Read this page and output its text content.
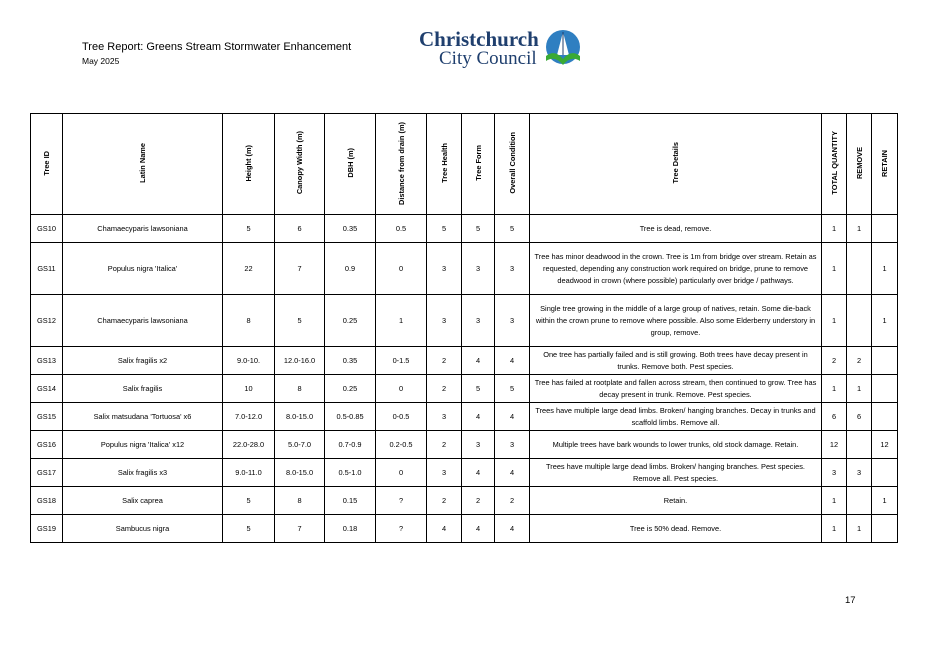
Tree Report: Greens Stream Stormwater Enhancement
May 2025
Christchurch
City Council
Tree ID	Latin Name	Height (m)	Canopy Width (m)	DBH (m)	Distance from drain (m)	Tree Health	Tree Form	Overall Condition	Tree Details	TOTAL QUANTITY	REMOVE	RETAIN
GS10	Chamaecyparis lawsoniana	5	6	0.35	0.5	5	5	5	Tree is dead, remove.	1	1	
GS11	Populus nigra 'Italica'	22	7	0.9	0	3	3	3	Tree has minor deadwood in the crown. Tree is 1m from bridge over stream. Retain as requested, depending any construction work required on bridge, prune to remove deadwood in crown (where possible) particularly over bridge / pathways.	1		1
GS12	Chamaecyparis lawsoniana	8	5	0.25	1	3	3	3	Single tree growing in the middle of a large group of natives, retain. Some die-back within the crown prune to remove where possible. Also some Elderberry understory in group, remove.	1		1
GS13	Salix fragilis x2	9.0-10.	12.0-16.0	0.35	0-1.5	2	4	4	One tree has partially failed and is still growing. Both trees have decay present in trunks. Remove both. Pest species.	2	2	
GS14	Salix fragilis	10	8	0.25	0	2	5	5	Tree has failed at rootplate and fallen across stream, then continued to grow. Tree has decay present in trunk. Remove. Pest species.	1	1	
GS15	Salix matsudana 'Tortuosa' x6	7.0-12.0	8.0-15.0	0.5-0.85	0-0.5	3	4	4	Trees have multiple large dead limbs. Broken/ hanging branches. Decay in trunks and scaffold limbs. Remove all.	6	6	
GS16	Populus nigra 'Italica' x12	22.0-28.0	5.0-7.0	0.7-0.9	0.2-0.5	2	3	3	Multiple trees have bark wounds to lower trunks, old stock damage. Retain.	12		12
GS17	Salix fragilis x3	9.0-11.0	8.0-15.0	0.5-1.0	0	3	4	4	Trees have multiple large dead limbs. Broken/ hanging branches. Pest species. Remove all. Pest species.	3	3	
GS18	Salix caprea	5	8	0.15	?	2	2	2	Retain.	1		1
GS19	Sambucus nigra	5	7	0.18	?	4	4	4	Tree is 50% dead. Remove.	1	1	
17
